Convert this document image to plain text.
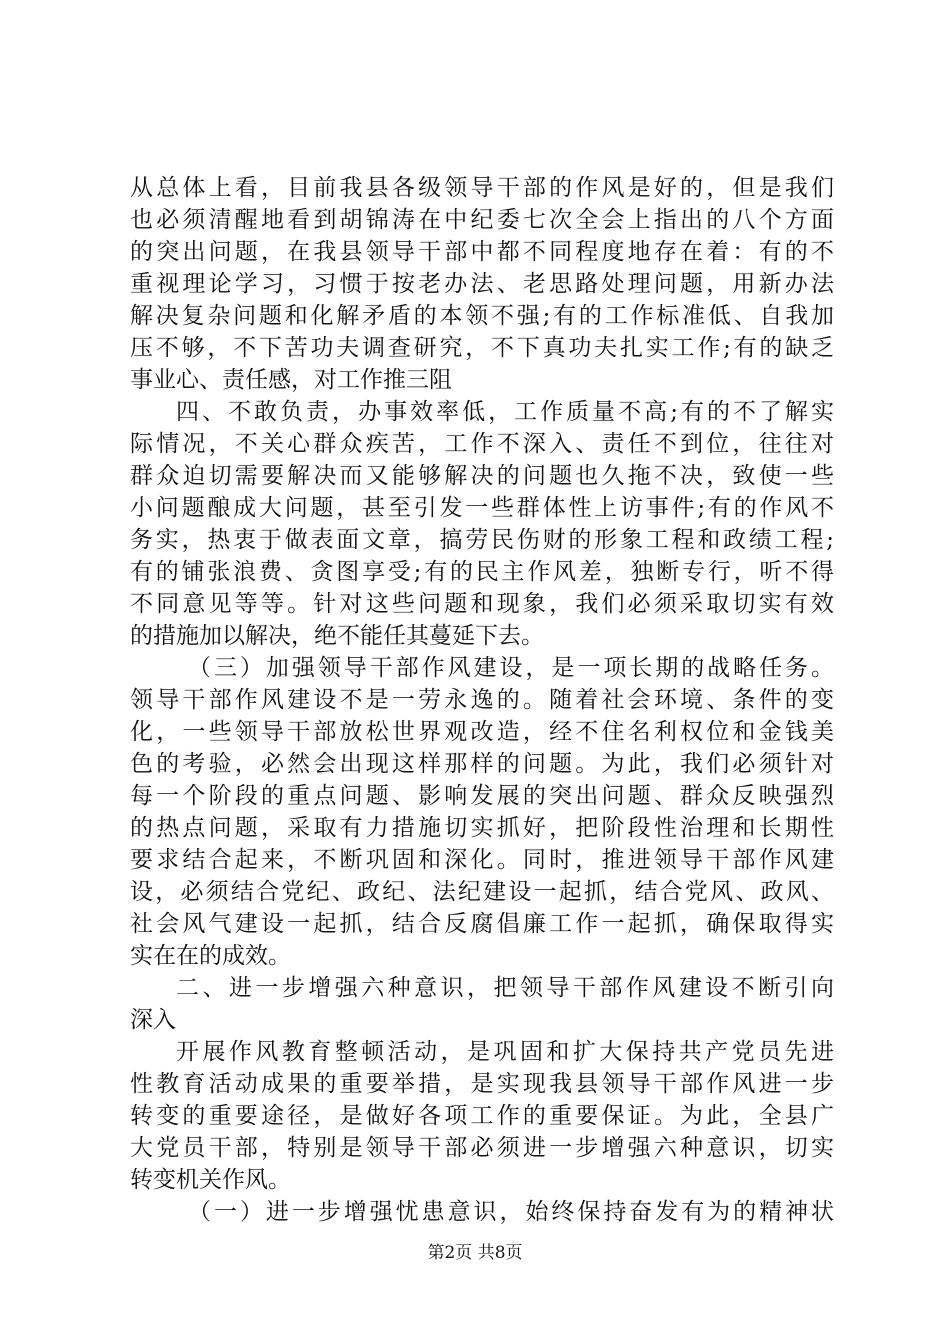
从总体上看，目前我县各级领导干部的作风是好的，但是我们
也必须清醒地看到胡锦涛在中纪委七次全会上指出的八个方面
的突出问题，在我县领导干部中都不同程度地存在着：有的不
重视理论学习，习惯于按老办法、老思路处理问题，用新办法
解决复杂问题和化解矛盾的本领不强;有的工作标准低、自我加
压不够，不下苦功夫调查研究，不下真功夫扎实工作;有的缺乏
事业心、责任感，对工作推三阻
四、不敢负责，办事效率低，工作质量不高;有的不了解实
际情况，不关心群众疾苦，工作不深入、责任不到位，往往对
群众迫切需要解决而又能够解决的问题也久拖不决，致使一些
小问题酿成大问题，甚至引发一些群体性上访事件;有的作风不
务实，热衷于做表面文章，搞劳民伤财的形象工程和政绩工程;
有的铺张浪费、贪图享受;有的民主作风差，独断专行，听不得
不同意见等等。针对这些问题和现象，我们必须采取切实有效
的措施加以解决，绝不能任其蔓延下去。
（三）加强领导干部作风建设，是一项长期的战略任务。
领导干部作风建设不是一劳永逸的。随着社会环境、条件的变
化，一些领导干部放松世界观改造，经不住名利权位和金钱美
色的考验，必然会出现这样那样的问题。为此，我们必须针对
每一个阶段的重点问题、影响发展的突出问题、群众反映强烈
的热点问题，采取有力措施切实抓好，把阶段性治理和长期性
要求结合起来，不断巩固和深化。同时，推进领导干部作风建
设，必须结合党纪、政纪、法纪建设一起抓，结合党风、政风、
社会风气建设一起抓，结合反腐倡廉工作一起抓，确保取得实
实在在的成效。
二、进一步增强六种意识，把领导干部作风建设不断引向
深入
开展作风教育整顿活动，是巩固和扩大保持共产党员先进
性教育活动成果的重要举措，是实现我县领导干部作风进一步
转变的重要途径，是做好各项工作的重要保证。为此，全县广
大党员干部，特别是领导干部必须进一步增强六种意识，切实
转变机关作风。
（一）进一步增强忧患意识，始终保持奋发有为的精神状
第2页 共8页
